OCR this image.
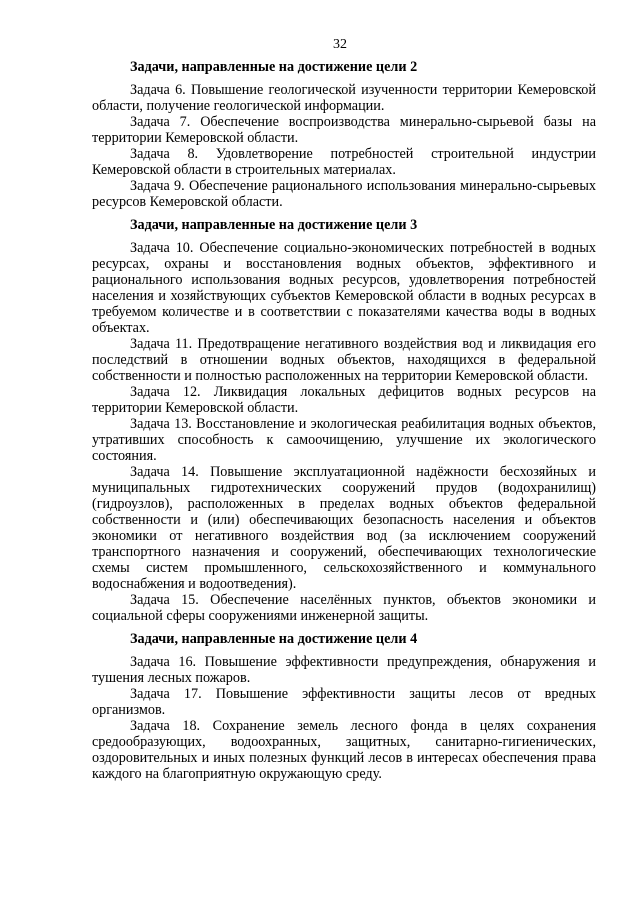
32
Задачи, направленные на достижение цели 2

Задача 6. Повышение геологической изученности территории Кемеровской области, получение геологической информации.

Задача 7. Обеспечение воспроизводства минерально-сырьевой базы на территории Кемеровской области.

Задача 8. Удовлетворение потребностей строительной индустрии Кемеровской области в строительных материалах.

Задача 9. Обеспечение рационального использования минерально-сырьевых ресурсов Кемеровской области.

Задачи, направленные на достижение цели 3

Задача 10. Обеспечение социально-экономических потребностей в водных ресурсах, охраны и восстановления водных объектов, эффективного и рационального использования водных ресурсов, удовлетворения потребностей населения и хозяйствующих субъектов Кемеровской области в водных ресурсах в требуемом количестве и в соответствии с показателями качества воды в водных объектах.

Задача 11. Предотвращение негативного воздействия вод и ликвидация его последствий в отношении водных объектов, находящихся в федеральной собственности и полностью расположенных на территории Кемеровской области.

Задача 12. Ликвидация локальных дефицитов водных ресурсов на территории Кемеровской области.

Задача 13. Восстановление и экологическая реабилитация водных объектов, утративших способность к самоочищению, улучшение их экологического состояния.

Задача 14. Повышение эксплуатационной надёжности бесхозяйных и муниципальных гидротехнических сооружений прудов (водохранилищ) (гидроузлов), расположенных в пределах водных объектов федеральной собственности и (или) обеспечивающих безопасность населения и объектов экономики от негативного воздействия вод (за исключением сооружений транспортного назначения и сооружений, обеспечивающих технологические схемы систем промышленного, сельскохозяйственного и коммунального водоснабжения и водоотведения).

Задача 15. Обеспечение населённых пунктов, объектов экономики и социальной сферы сооружениями инженерной защиты.

Задачи, направленные на достижение цели 4

Задача 16. Повышение эффективности предупреждения, обнаружения и тушения лесных пожаров.

Задача 17. Повышение эффективности защиты лесов от вредных организмов.

Задача 18. Сохранение земель лесного фонда в целях сохранения средообразующих, водоохранных, защитных, санитарно-гигиенических, оздоровительных и иных полезных функций лесов в интересах обеспечения права каждого на благоприятную окружающую среду.
